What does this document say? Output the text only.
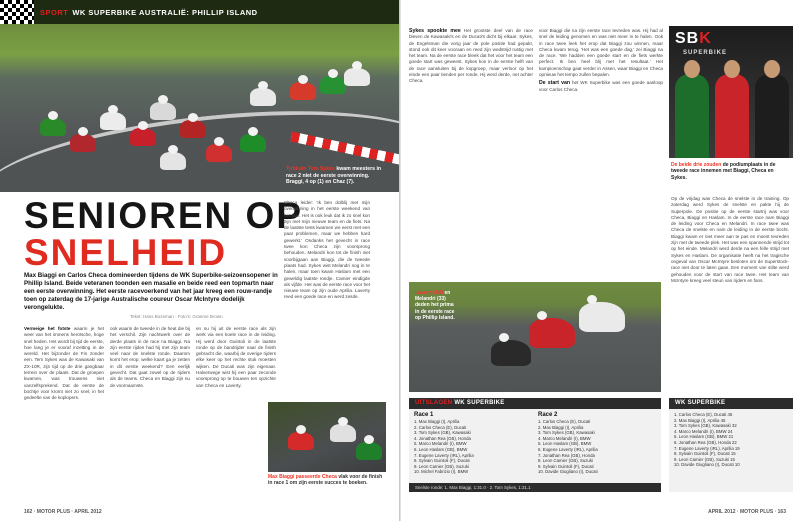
SPORT WK SUPERBIKE AUSTRALIË: PHILLIP ISLAND
Tjrbkuin Tom Sykes kwam meesters in race 2 niet de eerste overwinning. Braggi, 4 op (1) en Chaz (7).
SENIOREN OP
SNELHEID
Max Biaggi en Carlos Checa domineerden tijdens de WK Superbike-seizoensopener in Phillip Island. Beide veteranen toonden een masalie en beide reed een topmartn naar een eerste overwinning. Het eerste racevoerkend van het jaar kreeg een rouw-randje toen op zaterdag de 17-jarige Australische coureur Oscar McIntyre dodelijk verongelukte.
Tekst: Hans Bozeman · Foto's: Graeme Brown

Vermeige het fotste waarin je het weer van het immens heroïsche, hoge snel heden. Het wordt bij tijd de eerste, hoe lang je er vooraf inzetting in de wereld. Het bijzonder de Fin zonder een. Tem Sykes was de Kawasaki van ZX-10R, zijn tijd op de drie gangbaar terrein over de plaats. Dat de groepen kwamen, was trouwens niet vanzelfsprekend. Dat de eerste de bochtje voor kromt niet zo snel, in het gedeelte van de koplopers.

ook waarin de tweede in de heat die bij het verschil. Zijn nachtwerk over de derde plaats in de race na Biaggi. Na zijn eerste rijden had hij met zijn team veel naar de snelste ronde. Daarom komt het erop: welke kaart ga je zetten in dit eerste weekend? Een eerlijk gevecht. Dat gaat zowel op de rijders als de teams. Checa en Biaggi zijn nu de voornaamste.

en nu hij uit de eerste race als zijn werk via een koele race in de leiding. Hij werd door Guintoli in de laatste ronde op de bandrijder naar de finish gebracht die, waarbij de overige rijders elke keer op het rechte stuk moesten wijken. De Ducati was zijn eigenaar. Halverwege wist hij een paar zeconde voorsprong op te bouwen ten opzichte van Checa en Laverty.

Checa leider: 'Ik ben dolblij met mijn overwinning in het eerste weekend van het jaar. Het is ook leuk dat ik zo snel kon zijn met mijn nieuwe team en de fiets. Na de laatste tests kwamen we eerst met een paar problemen, maar we hebben hard gewerkt.' Ondanks het gevecht in race twee kon Checa zijn voorsprong behouden. Melandri kon tot de finish niet voorbijgaan aan Biaggi, die de tweede plaats had. Sykes wist Melandri nog in te halen, maar toen kwam Haslam met een geweldig laatste rondje. Camier eindigde als vijfde. Het was de eerste race voor het nieuwe team op zijn oude Aprilia. Laverty reed een goede race en werd zesde.

Max Biaggi passeerde Checa vlak voor de finish in race 1 om zijn eerste succes te boeken.
162 · MOTOR PLUS · APRIL 2012

Sykes spookte mee Het grootste deel van de race bleven de Kawasaki's en de Ducati's dicht bij elkaar. Sykes, de Engelsman die vorig jaar de pole positie had gepakt, stond ook dit keer vooraan en reed zijn wedstrijd rustig met het team. Na de eerste race bleek dat het voor het team een goede start was geweest. Sykes kon in de eerste helft van de race aansluiten bij de kopgroep, maar verloor op het einde een paar tienden per ronde. Hij werd derde, net achter Checa.

voor Biaggi die na zijn eerste race tevreden was. Hij had al snel de leiding genomen en was niet meer in te halen. Ook in race twee leek het erop dat Biaggi zou winnen, maar Checa kwam terug. 'Het was een goede dag,' zei Biaggi na de race. 'We hadden een goede start en de fiets werkte perfect. Ik ben heel blij met het resultaat.' Het kampioenschap gaat verder in Assen, waar Biaggi en Checa opnieuw het tempo zullen bepalen.

De start van het WK Superbike was een goede aanloop voor Carlos Checa.

SBK
SUPERBIKE
De beide drie zouden de podiumplaats in de tweede race innemen met Biaggi, Checa en Sykes.

Op de vrijdag was Checa de snelste in de training. Op zaterdag werd Sykes de snelste en pakte hij de Superpole. De positie op de eerste startrij was voor Checa, Biaggi en Haslam. In de eerste race nam Biaggi de leiding voor Checa en Melandri. In race twee was Checa de snelste en nam de leiding in de eerste bocht. Biaggi kwam er niet meer aan te pas en moest tevreden zijn met de tweede plek. Het was een spannende strijd tot op het einde. Melandri werd derde na een felle strijd met Sykes en Haslam. De organisatie heeft na het tragische ongeval van Oscar McIntyre besloten om de Superstock-race niet door te laten gaan. Een moment van stilte werd gehouden voor de start van race twee. Het team van McIntyre kreeg veel steun van rijders en fans.

Laverty (58) en Melandri (33) deden het prima in de eerste race op Phillip Island.
UITSLAGEN WK SUPERBIKE
Race 1
1. Max Biaggi (I), Aprilia
2. Carlos Checa (E), Ducati
3. Tom Sykes (GB), Kawasaki
4. Jonathan Rea (GB), Honda
5. Marco Melandri (I), BMW
6. Leon Haslam (GB), BMW
7. Eugene Laverty (IRL), Aprilia
8. Sylvain Guintoli (F), Ducati
9. Leon Camier (GB), Suzuki
10. Michel Fabrizio (I), BMW
Race 2
1. Carlos Checa (E), Ducati
2. Max Biaggi (I), Aprilia
3. Tom Sykes (GB), Kawasaki
4. Marco Melandri (I), BMW
5. Leon Haslam (GB), BMW
6. Eugene Laverty (IRL), Aprilia
7. Jonathan Rea (GB), Honda
8. Leon Camier (GB), Suzuki
9. Sylvain Guintoli (F), Ducati
10. Davide Giugliano (I), Ducati
Snelste ronde: 1. Max Biaggi, 1:31.0 · 2. Tom Sykes, 1:31.1
WK SUPERBIKE
1. Carlos Checa (E), Ducati 45
2. Max Biaggi (I), Aprilia 45
3. Tom Sykes (GB), Kawasaki 32
4. Marco Melandri (I), BMW 24
5. Leon Haslam (GB), BMW 21
6. Jonathan Rea (GB), Honda 22
7. Eugene Laverty (IRL), Aprilia 19
8. Sylvain Guintoli (F), Ducati 15
9. Leon Camier (GB), Suzuki 15
10. Davide Giugliano (I), Ducati 10
APRIL 2012 · MOTOR PLUS · 163
